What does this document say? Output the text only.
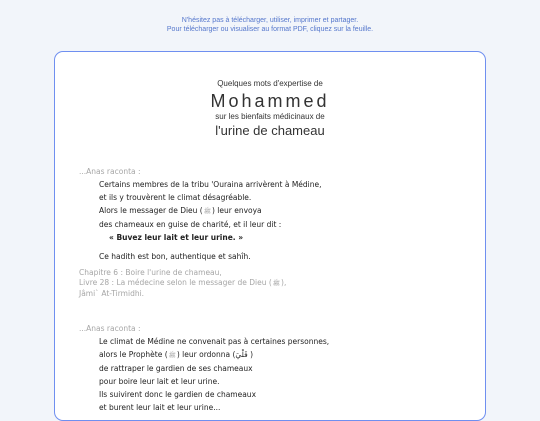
N'hésitez pas à télécharger, utiliser, imprimer et partager.
Pour télécharger ou visualiser au format PDF, cliquez sur la feuille.
Quelques mots d'expertise de
Mohammed
sur les bienfaits médicinaux de
l'urine de chameau
...Anas raconta :
Certains membres de la tribu 'Ouraina arrivèrent à Médine,
et ils y trouvèrent le climat désagréable.
Alors le messager de Dieu (ﷺ) leur envoya
des chameaux en guise de charité, et il leur dit :
« Buvez leur lait et leur urine. »
Ce hadith est bon, authentique et sahîh.
Chapitre 6 : Boire l'urine de chameau,
Livre 28 : La médecine selon le messager de Dieu (ﷺ),
Jâmi` At-Tirmidhi.
...Anas raconta :
Le climat de Médine ne convenait pas à certaines personnes,
alors le Prophète (ﷺ) leur ordonna (فَلْيَ )
de rattraper le gardien de ses chameaux
pour boire leur lait et leur urine.
Ils suivirent donc le gardien de chameaux
et burent leur lait et leur urine...
